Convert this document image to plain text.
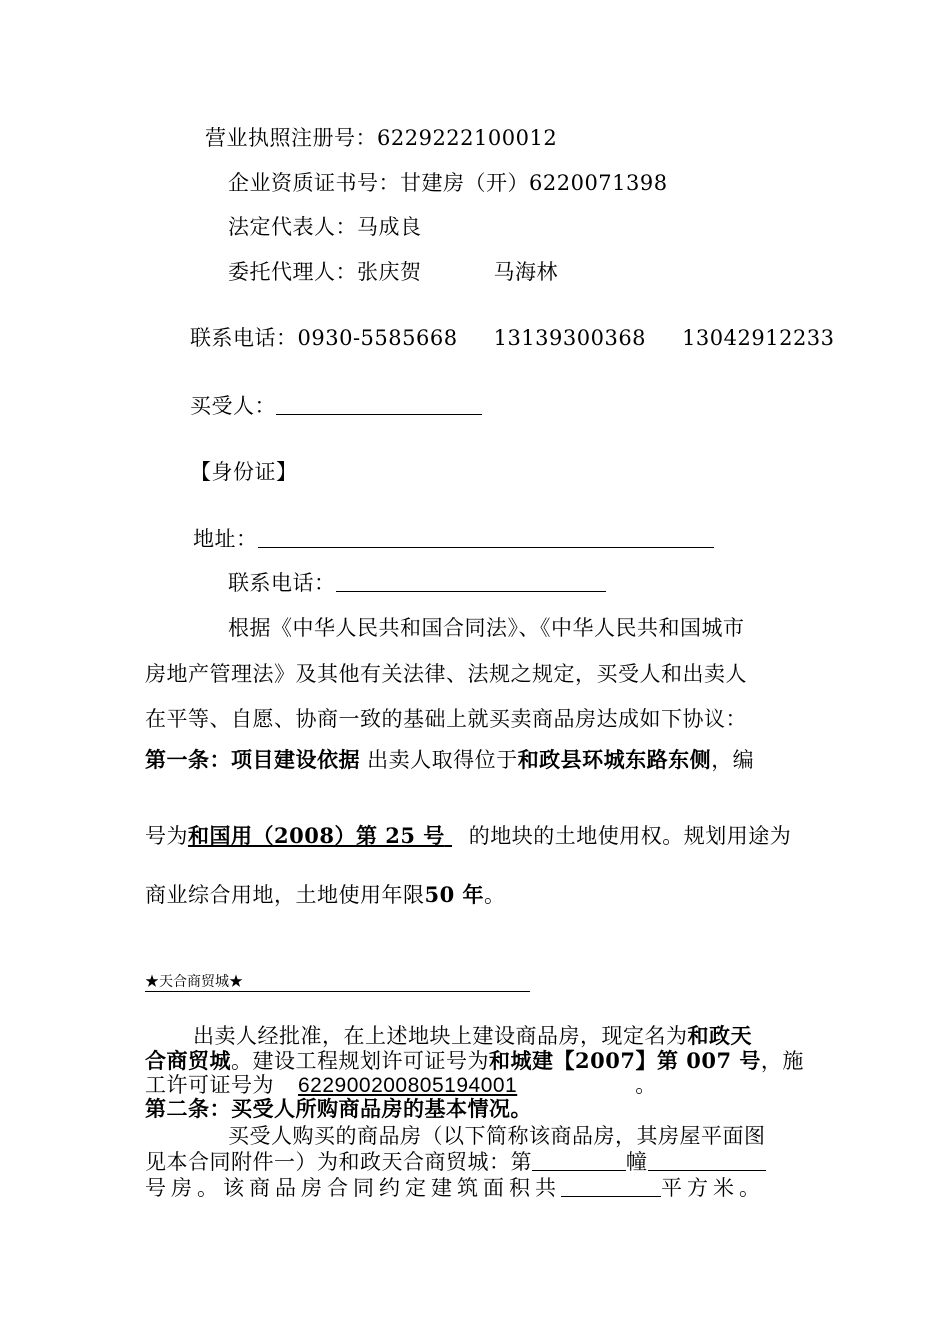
营业执照注册号：6229222100012
企业资质证书号：甘建房（开）6220071398
法定代表人：马成良
委托代理人：张庆贺	马海林
联系电话：0930-5585668 13139300368 13042912233
买受人：
【身份证】
地址：
联系电话：
根据《中华人民共和国合同法》、《中华人民共和国城市
房地产管理法》及其他有关法律、法规之规定，买受人和出卖人
在平等、自愿、协商一致的基础上就买卖商品房达成如下协议：
第一条：项目建设依据 出卖人取得位于和政县环城东路东侧，编
号为和国用（2008）第 25 号 的地块的土地使用权。规划用途为
商业综合用地，土地使用年限50 年。
★天合商贸城★
出卖人经批准，在上述地块上建设商品房，现定名为和政天
合商贸城。建设工程规划许可证号为和城建【2007】第 007 号，施
工许可证号为 622900200805194001	。
第二条：买受人所购商品房的基本情况。
买受人购买的商品房（以下简称该商品房，其房屋平面图
见本合同附件一）为和政天合商贸城：第	幢
号房。该商品房合同约定建筑面积共	平方米。
